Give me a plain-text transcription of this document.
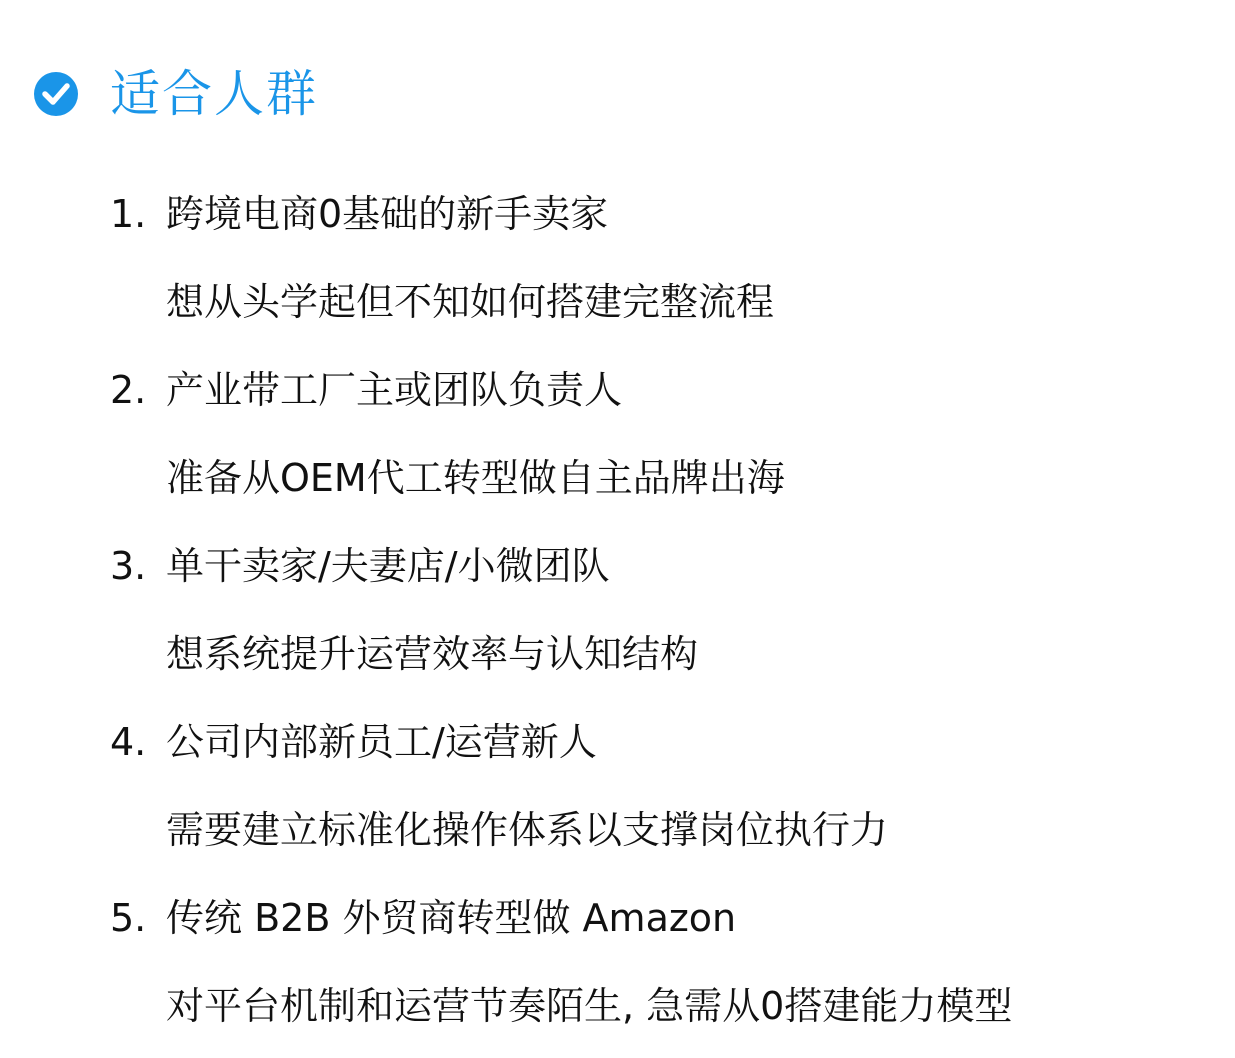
适合人群
1. 跨境电商0基础的新手卖家
想从头学起但不知如何搭建完整流程
2. 产业带工厂主或团队负责人
准备从OEM代工转型做自主品牌出海
3. 单干卖家/夫妻店/小微团队
想系统提升运营效率与认知结构
4. 公司内部新员工/运营新人
需要建立标准化操作体系以支撑岗位执行力
5. 传统 B2B 外贸商转型做 Amazon
对平台机制和运营节奏陌生, 急需从0搭建能力模型
